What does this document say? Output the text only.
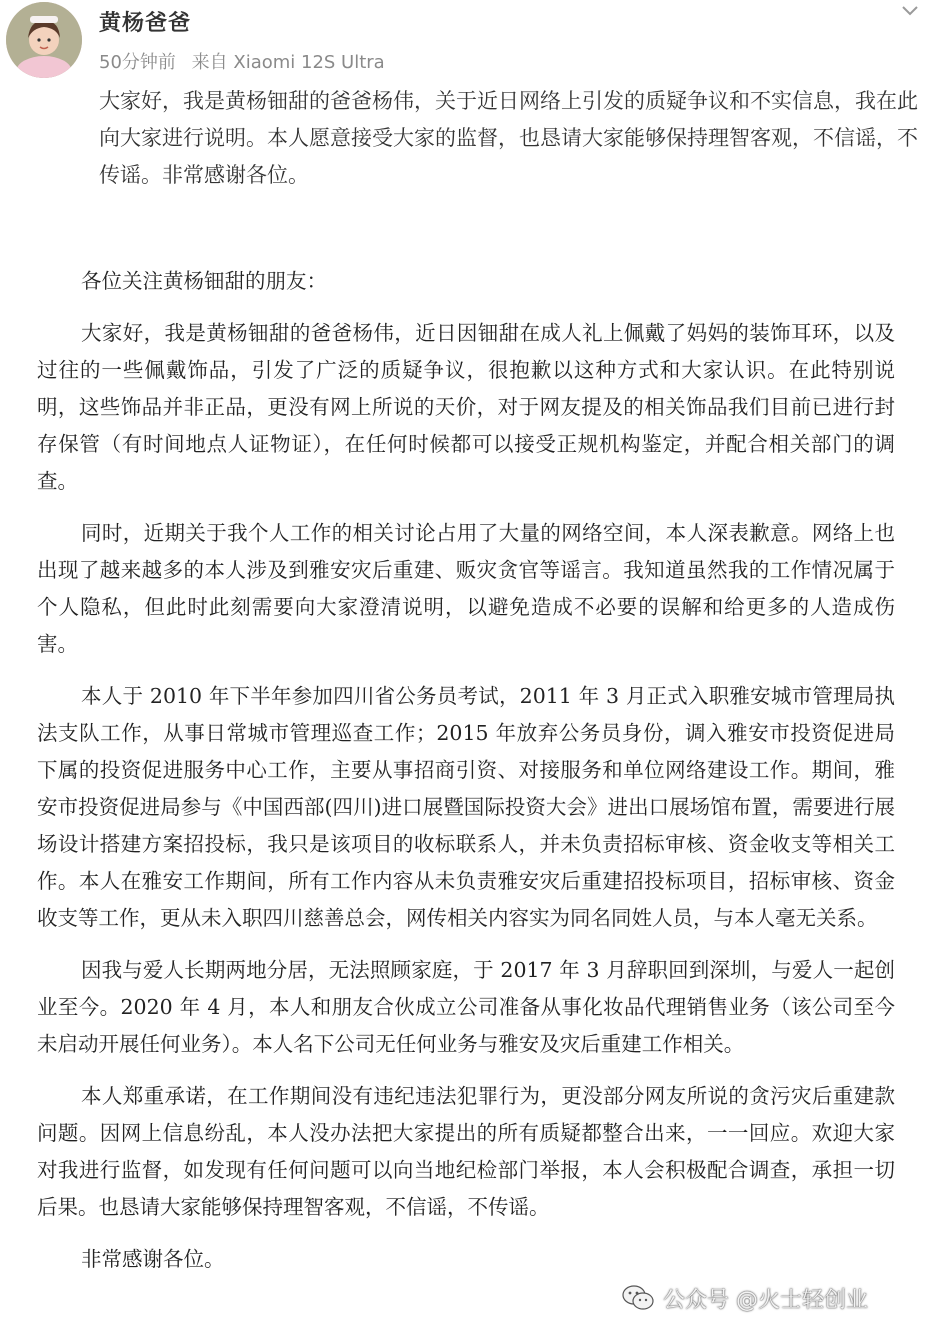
黄杨爸爸
50分钟前 来自 Xiaomi 12S Ultra
大家好，我是黄杨钿甜的爸爸杨伟，关于近日网络上引发的质疑争议和不实信息，我在此向大家进行说明。本人愿意接受大家的监督，也恳请大家能够保持理智客观，不信谣，不传谣。非常感谢各位。
各位关注黄杨钿甜的朋友：
大家好，我是黄杨钿甜的爸爸杨伟，近日因钿甜在成人礼上佩戴了妈妈的装饰耳环，以及过往的一些佩戴饰品，引发了广泛的质疑争议，很抱歉以这种方式和大家认识。在此特别说明，这些饰品并非正品，更没有网上所说的天价，对于网友提及的相关饰品我们目前已进行封存保管（有时间地点人证物证），在任何时候都可以接受正规机构鉴定，并配合相关部门的调查。
同时，近期关于我个人工作的相关讨论占用了大量的网络空间，本人深表歉意。网络上也出现了越来越多的本人涉及到雅安灾后重建、贩灾贪官等谣言。我知道虽然我的工作情况属于个人隐私，但此时此刻需要向大家澄清说明，以避免造成不必要的误解和给更多的人造成伤害。
本人于 2010 年下半年参加四川省公务员考试，2011 年 3 月正式入职雅安城市管理局执法支队工作，从事日常城市管理巡查工作；2015 年放弃公务员身份，调入雅安市投资促进局下属的投资促进服务中心工作，主要从事招商引资、对接服务和单位网络建设工作。期间，雅安市投资促进局参与《中国西部(四川)进口展暨国际投资大会》进出口展场馆布置，需要进行展场设计搭建方案招投标，我只是该项目的收标联系人，并未负责招标审核、资金收支等相关工作。本人在雅安工作期间，所有工作内容从未负责雅安灾后重建招投标项目，招标审核、资金收支等工作，更从未入职四川慈善总会，网传相关内容实为同名同姓人员，与本人毫无关系。
因我与爱人长期两地分居，无法照顾家庭，于 2017 年 3 月辞职回到深圳，与爱人一起创业至今。2020 年 4 月，本人和朋友合伙成立公司准备从事化妆品代理销售业务（该公司至今未启动开展任何业务）。本人名下公司无任何业务与雅安及灾后重建工作相关。
本人郑重承诺，在工作期间没有违纪违法犯罪行为，更没部分网友所说的贪污灾后重建款问题。因网上信息纷乱，本人没办法把大家提出的所有质疑都整合出来，一一回应。欢迎大家对我进行监督，如发现有任何问题可以向当地纪检部门举报，本人会积极配合调查，承担一切后果。也恳请大家能够保持理智客观，不信谣，不传谣。
非常感谢各位。
公众号 @火士轻创业
